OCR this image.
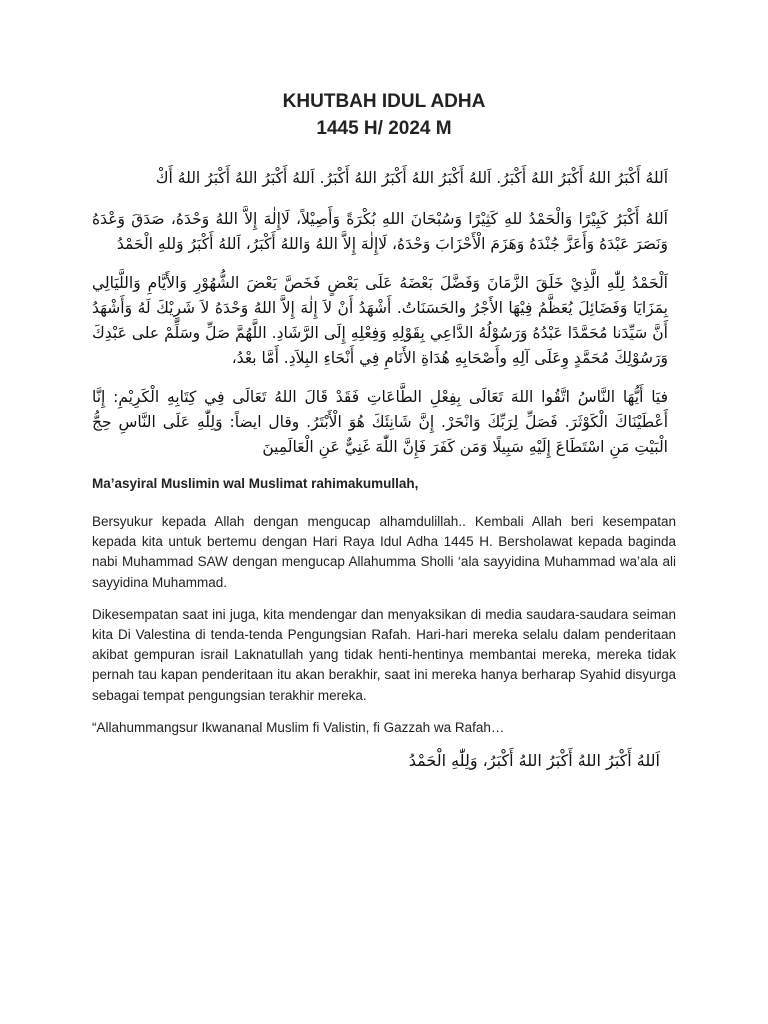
KHUTBAH IDUL ADHA
1445 H/ 2024 M

اَللهُ أَكْبَرُ اللهُ أَكْبَرُ اللهُ أَكْبَرُ. اَللهُ أَكْبَرُ اللهُ أَكْبَرُ اللهُ أَكْبَرُ. اَللهُ أَكْبَرُ اللهُ أَكْبَرُ اللهُ أَكْ

اَللهُ أَكْبَرُ كَبِيْرًا وَالْحَمْدُ للهِ كَثِيْرًا وَسُبْحَانَ اللهِ بُكْرَةً وَأَصِيْلاً، لَاإِلٰهَ إِلاَّ اللهُ وَحْدَهُ، صَدَقَ وَعْدَهُ وَنَصَرَ عَبْدَهُ وَأَعَزَّ جُنْدَهُ وَهَزَمَ الْأَحْزَابَ وَحْدَهُ، لَاإِلٰهَ إِلاَّ اللهُ وَاللهُ أَكْبَرُ، اَللهُ أَكْبَرُ وَللهِ الْحَمْدُ

اَلْحَمْدُ لِلّٰهِ الَّذِيْ خَلَقَ الزَّمَانَ وَفَضَّلَ بَعْضَهُ عَلَى بَعْضٍ فَخَصَّ بَعْضَ الشُّهُوْرِ وَالأَيَّامِ وَاللَّيَالِي بِمَزَايَا وَفَضَائِلَ يُعَظَّمُ فِيْهَا الأَجْرُ والحَسَنَاتُ. أَشْهَدُ أَنْ لاَ إِلٰهَ إِلاَّ اللهُ وَحْدَهُ لاَ شَرِيْكَ لَهُ وَأَشْهَدُ أَنَّ سَيِّدَنا مُحَمَّدًا عَبْدُهُ وَرَسُوْلُهُ الدَّاعِي بِقَوْلِهِ وَفِعْلِهِ إِلَى الرَّشَادِ. اللَّهُمَّ صَلِّ وسَلِّمْ على عَبْدِكَ وَرَسُوْلِكَ مُحَمَّدٍ وِعَلَى آلِهِ وأَصْحَابِهِ هُدَاةِ الأَنَامِ فِي أَنْحَاءِ البِلاَدِ. أَمَّا بعْدُ،

فيَا أَيُّهَا النَّاسُ اتَّقُوا اللهَ تَعَالَى بِفِعْلِ الطَّاعَاتِ فَقَدْ قَالَ اللهُ تَعَالَى فِي كِتَابِهِ الْكَرِيْمِ: إِنَّا أَعْطَيْنَاكَ الْكَوْثَرَ. فَصَلِّ لِرَبِّكَ وَانْحَرْ. إِنَّ شَانِئَكَ هُوَ الْأَبْتَرُ. وقال ايضاً: وَلِلّٰهِ عَلَى النَّاسِ حِجُّ الْبَيْتِ مَنِ اسْتَطَاعَ إِلَيْهِ سَبِيلًا وَمَن كَفَرَ فَإِنَّ اللّٰهَ غَنِيٌّ عَنِ الْعَالَمِينَ

Ma’asyiral Muslimin wal Muslimat rahimakumullah,

Bersyukur kepada Allah dengan mengucap alhamdulillah.. Kembali Allah beri kesempatan kepada kita untuk bertemu dengan Hari Raya Idul Adha 1445 H. Bersholawat kepada baginda nabi Muhammad SAW dengan mengucap Allahumma Sholli ‘ala sayyidina Muhammad wa’ala ali sayyidina Muhammad.

Dikesempatan saat ini juga, kita mendengar dan menyaksikan di media saudara-saudara seiman kita Di Valestina di tenda-tenda Pengungsian Rafah. Hari-hari mereka selalu dalam penderitaan akibat gempuran israil Laknatullah yang tidak henti-hentinya membantai mereka, mereka tidak pernah tau kapan penderitaan itu akan berakhir, saat ini mereka hanya berharap Syahid disyurga sebagai tempat pengungsian terakhir mereka.

“Allahummangsur Ikwananal Muslim fi Valistin, fi Gazzah wa Rafah…

اَللهُ أَكْبَرُ اللهُ أَكْبَرُ اللهُ أَكْبَرُ، وَلِلّٰهِ الْحَمْدُ
